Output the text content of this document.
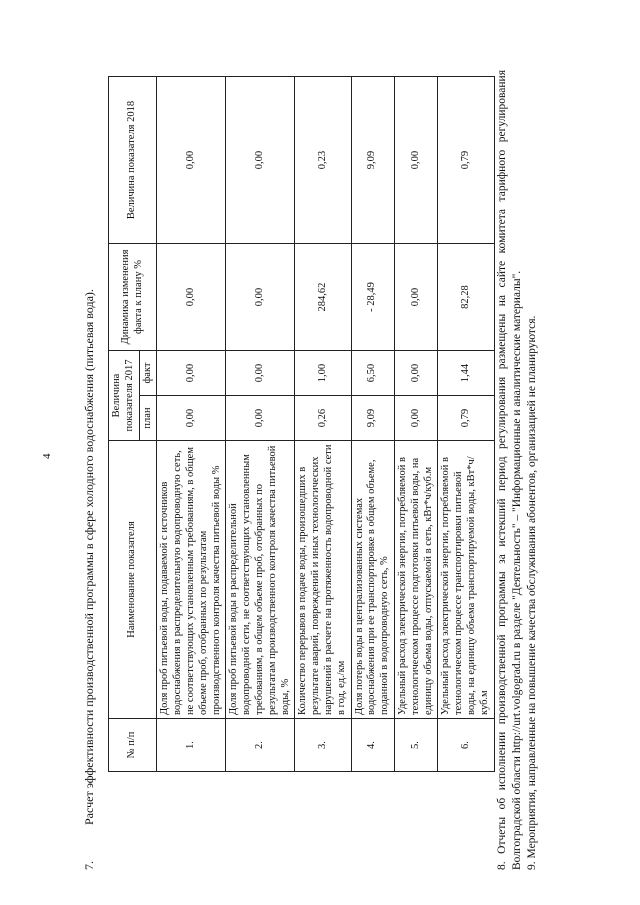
4
7.Расчет эффективности производственной программы в сфере холодного водоснабжения (питьевая вода).	№ п/п	Наименование показателя	Величина показателя 2017		Динамика изменения факта к плану %	Величина показателя 2018
		план	факт		
1.	Доля проб питьевой воды, подаваемой с источников водоснабжения в распределительную водопроводную сеть, не соответствующих установленным требованиям, в общем объеме проб, отобранных по результатам производственного контроля качества питьевой воды %	0,00	0,00	0,00	0,00
2.	Доля проб питьевой воды в распределительной водопроводной сети, не соответствующих установленным требованиям, в общем объеме проб, отобранных по результатам производственного контроля качества питьевой воды, %	0,00	0,00	0,00	0,00
3.	Количество перерывов в подаче воды, произошедших в результате аварий, повреждений и иных технологических нарушений в расчете на протяженность водопроводной сети в год, ед./км	0,26	1,00	284,62	0,23
4.	Доля потерь воды в централизованных системах водоснабжения при ее транспортировке в общем объеме, поданной в водопроводную сеть, %	9,09	6,50	- 28,49	9,09
5.	Удельный расход электрической энергии, потребляемой в технологическом процессе подготовки питьевой воды, на единицу объема воды, отпускаемой в сеть, кВт*ч/куб.м	0,00	0,00	0,00	0,00
6.	Удельный расход электрической энергии, потребляемой в технологическом процессе транспортировки питьевой воды, на единицу объема транспортируемой воды, кВт*ч/куб.м	0,79	1,44	82,28	0,79 8. Отчеты об исполнении производственной программы за истекший период регулирования размещены на сайте комитета тарифного регулирования Волгоградской области http://urt.volgograd.ru в разделе "Деятельность" – "Информационные и аналитические материалы". 9. Мероприятия, направленные на повышение качества обслуживания абонентов, организацией не планируются.
